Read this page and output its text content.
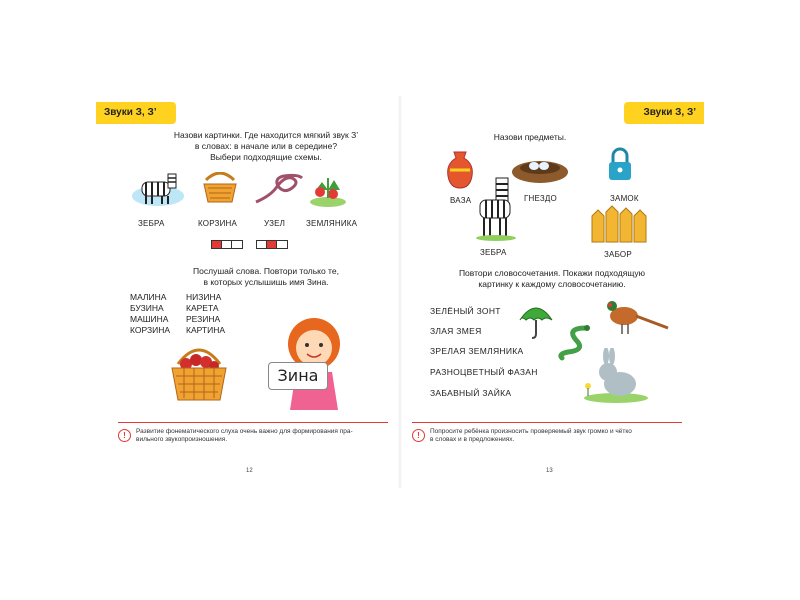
Звуки З, З’
Назови картинки. Где находится мягкий звук З’
в словах: в начале или в середине?
Выбери подходящие схемы.
ЗЕБРА	КОРЗИНА	УЗЕЛ	ЗЕМЛЯНИКА
Послушай слова. Повтори только те,
в которых услышишь имя Зина.
МАЛИНА
БУЗИНА
МАШИНА
КОРЗИНА
НИЗИНА
КАРЕТА
РЕЗИНА
КАРТИНА
Зина
!	Развитие фонематического слуха очень важно для формирования пра-
вильного звукопроизношения.
12
Звуки З, З’
Назови предметы.
ВАЗА	ГНЕЗДО	ЗАМОК
ЗЕБРА	ЗАБОР
Повтори словосочетания. Покажи подходящую
картинку к каждому словосочетанию.
ЗЕЛЁНЫЙ ЗОНТ
ЗЛАЯ ЗМЕЯ
ЗРЕЛАЯ ЗЕМЛЯНИКА
РАЗНОЦВЕТНЫЙ ФАЗАН
ЗАБАВНЫЙ ЗАЙКА
!	Попросите ребёнка произносить проверяемый звук громко и чётко
в словах и в предложениях.
13
